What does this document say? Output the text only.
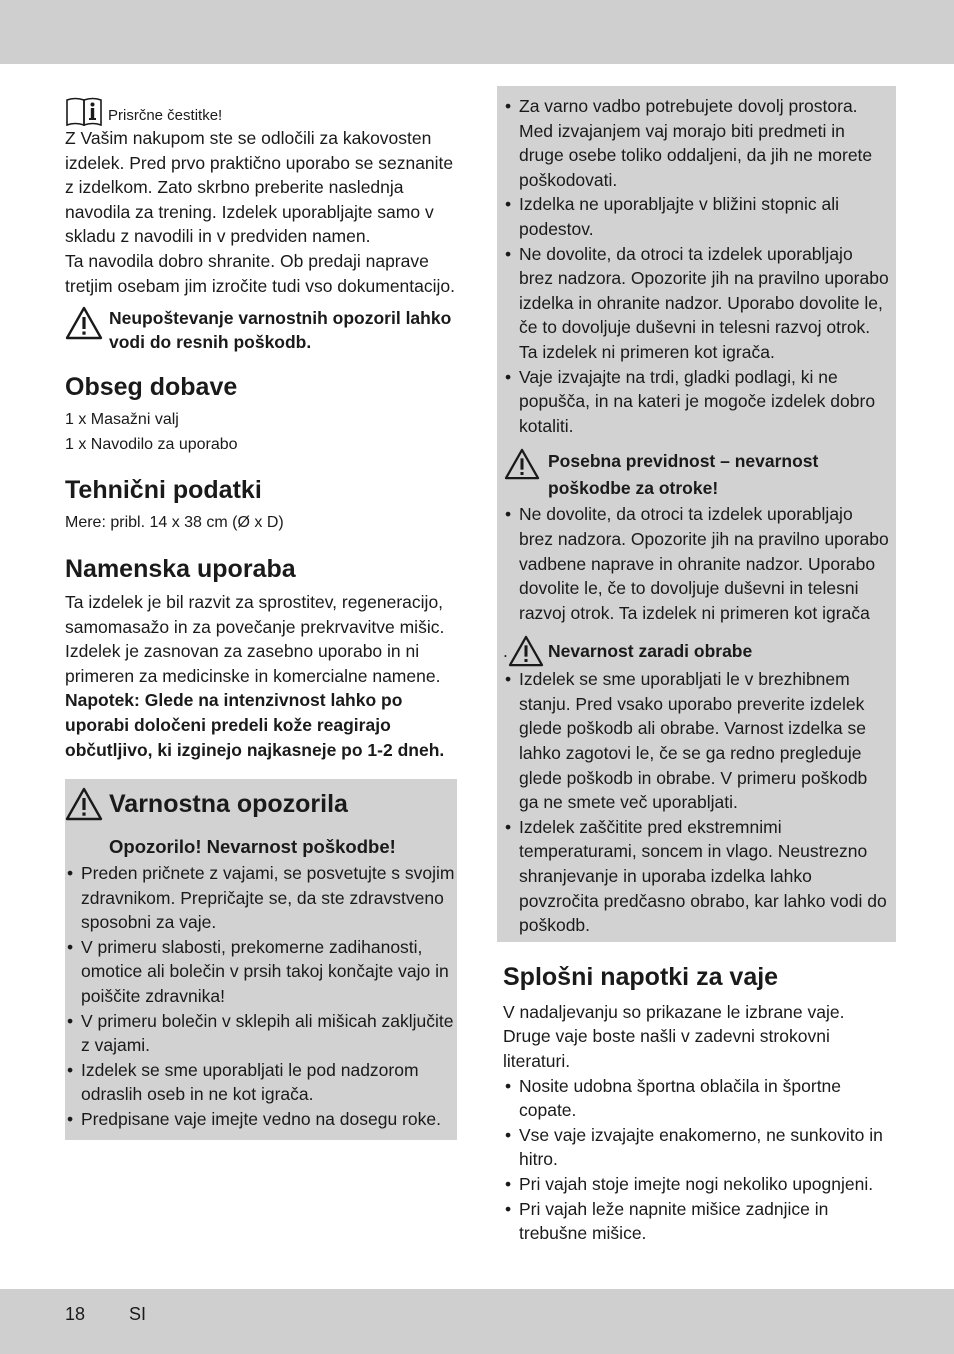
Prisrčne čestitke!

Z Vašim nakupom ste se odločili za kakovosten izdelek. Pred prvo praktično uporabo se seznanite z izdelkom. Zato skrbno preberite naslednja navodila za trening. Izdelek uporabljajte samo v skladu z navodili in v predviden namen.

Ta navodila dobro shranite. Ob predaji naprave tretjim osebam jim izročite tudi vso dokumentacijo.

Neupoštevanje varnostnih opozoril lahko vodi do resnih poškodb.
Obseg dobave

1 x Masažni valj

1 x Navodilo za uporabo

Tehnični podatki

Mere: pribl. 14 x 38 cm (Ø x D)

Namenska uporaba

Ta izdelek je bil razvit za sprostitev, regeneracijo, samomasažo in za povečanje prekrvavitve mišic. Izdelek je zasnovan za zasebno uporabo in ni primeren za medicinske in komercialne namene.

Napotek: Glede na intenzivnost lahko po uporabi določeni predeli kože reagirajo občutljivo, ki izginejo najkasneje po 1-2 dneh.

Varnostna opozorila

Opozorilo! Nevarnost poškodbe!

• Preden pričnete z vajami, se posvetujte s svojim zdravnikom. Prepričajte se, da ste zdravstveno sposobni za vaje.
• V primeru slabosti, prekomerne zadihanosti, omotice ali bolečin v prsih takoj končajte vajo in poiščite zdravnika!
• V primeru bolečin v sklepih ali mišicah zaključite z vajami.
• Izdelek se sme uporabljati le pod nadzorom odraslih oseb in ne kot igrača.
• Predpisane vaje imejte vedno na dosegu roke.
• Za varno vadbo potrebujete dovolj prostora. Med izvajanjem vaj morajo biti predmeti in druge osebe toliko oddaljeni, da jih ne morete poškodovati.
• Izdelka ne uporabljajte v bližini stopnic ali podestov.
• Ne dovolite, da otroci ta izdelek uporabljajo brez nadzora. Opozorite jih na pravilno uporabo izdelka in ohranite nadzor. Uporabo dovolite le, če to dovoljuje duševni in telesni razvoj otrok. Ta izdelek ni primeren kot igrača.
• Vaje izvajajte na trdi, gladki podlagi, ki ne popušča, in na kateri je mogoče izdelek dobro kotaliti.
Posebna previdnost – nevarnost poškodbe za otroke!
• Ne dovolite, da otroci ta izdelek uporabljajo brez nadzora. Opozorite jih na pravilno uporabo vadbene naprave in ohranite nadzor. Uporabo dovolite le, če to dovoljuje duševni in telesni razvoj otrok. Ta izdelek ni primeren kot igrača
. Nevarnost zaradi obrabe
• Izdelek se sme uporabljati le v brezhibnem stanju. Pred vsako uporabo preverite izdelek glede poškodb ali obrabe. Varnost izdelka se lahko zagotovi le, če se ga redno pregleduje glede poškodb in obrabe. V primeru poškodb ga ne smete več uporabljati.
• Izdelek zaščitite pred ekstremnimi temperaturami, soncem in vlago. Neustrezno shranjevanje in uporaba izdelka lahko povzročita predčasno obrabo, kar lahko vodi do poškodb.
Splošni napotki za vaje

V nadaljevanju so prikazane le izbrane vaje. Druge vaje boste našli v zadevni strokovni literaturi.

• Nosite udobna športna oblačila in športne copate.
• Vse vaje izvajajte enakomerno, ne sunkovito in hitro.
• Pri vajah stoje imejte nogi nekoliko upognjeni.
• Pri vajah leže napnite mišice zadnjice in trebušne mišice.
18 SI
